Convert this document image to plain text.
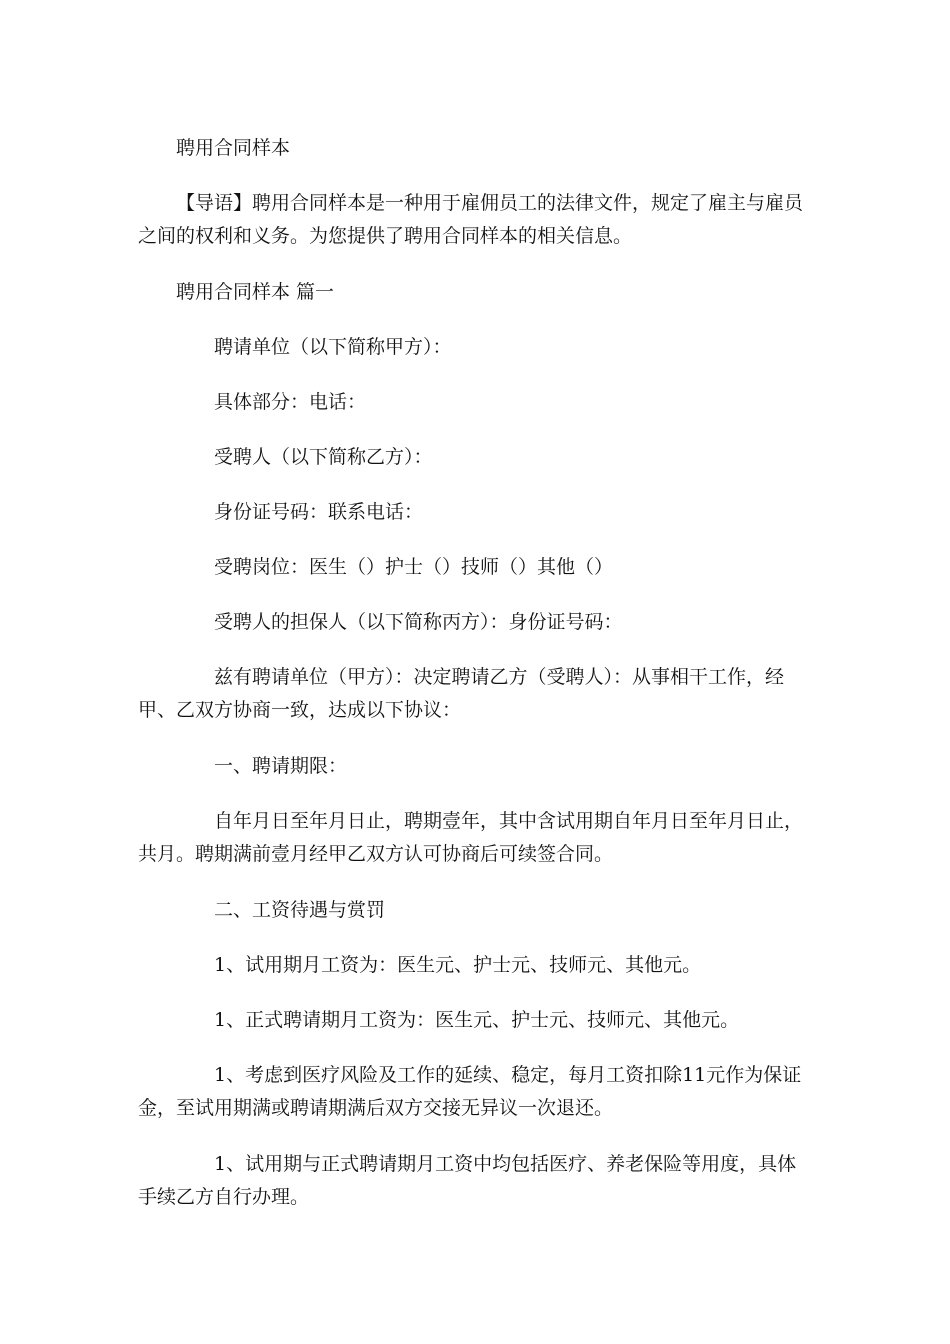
聘用合同样本

【导语】聘用合同样本是一种用于雇佣员工的法律文件，规定了雇主与雇员之间的权利和义务。为您提供了聘用合同样本的相关信息。

聘用合同样本 篇一

聘请单位（以下简称甲方）：

具体部分：电话：

受聘人（以下简称乙方）：

身份证号码：联系电话：

受聘岗位：医生（）护士（）技师（）其他（）

受聘人的担保人（以下简称丙方）：身份证号码：

兹有聘请单位（甲方）：决定聘请乙方（受聘人）：从事相干工作，经甲、乙双方协商一致，达成以下协议：

一、聘请期限：

自年月日至年月日止，聘期壹年，其中含试用期自年月日至年月日止，共月。聘期满前壹月经甲乙双方认可协商后可续签合同。

二、工资待遇与赏罚

1、试用期月工资为：医生元、护士元、技师元、其他元。

1、正式聘请期月工资为：医生元、护士元、技师元、其他元。

1、考虑到医疗风险及工作的延续、稳定，每月工资扣除11元作为保证金，至试用期满或聘请期满后双方交接无异议一次退还。

1、试用期与正式聘请期月工资中均包括医疗、养老保险等用度，具体手续乙方自行办理。
